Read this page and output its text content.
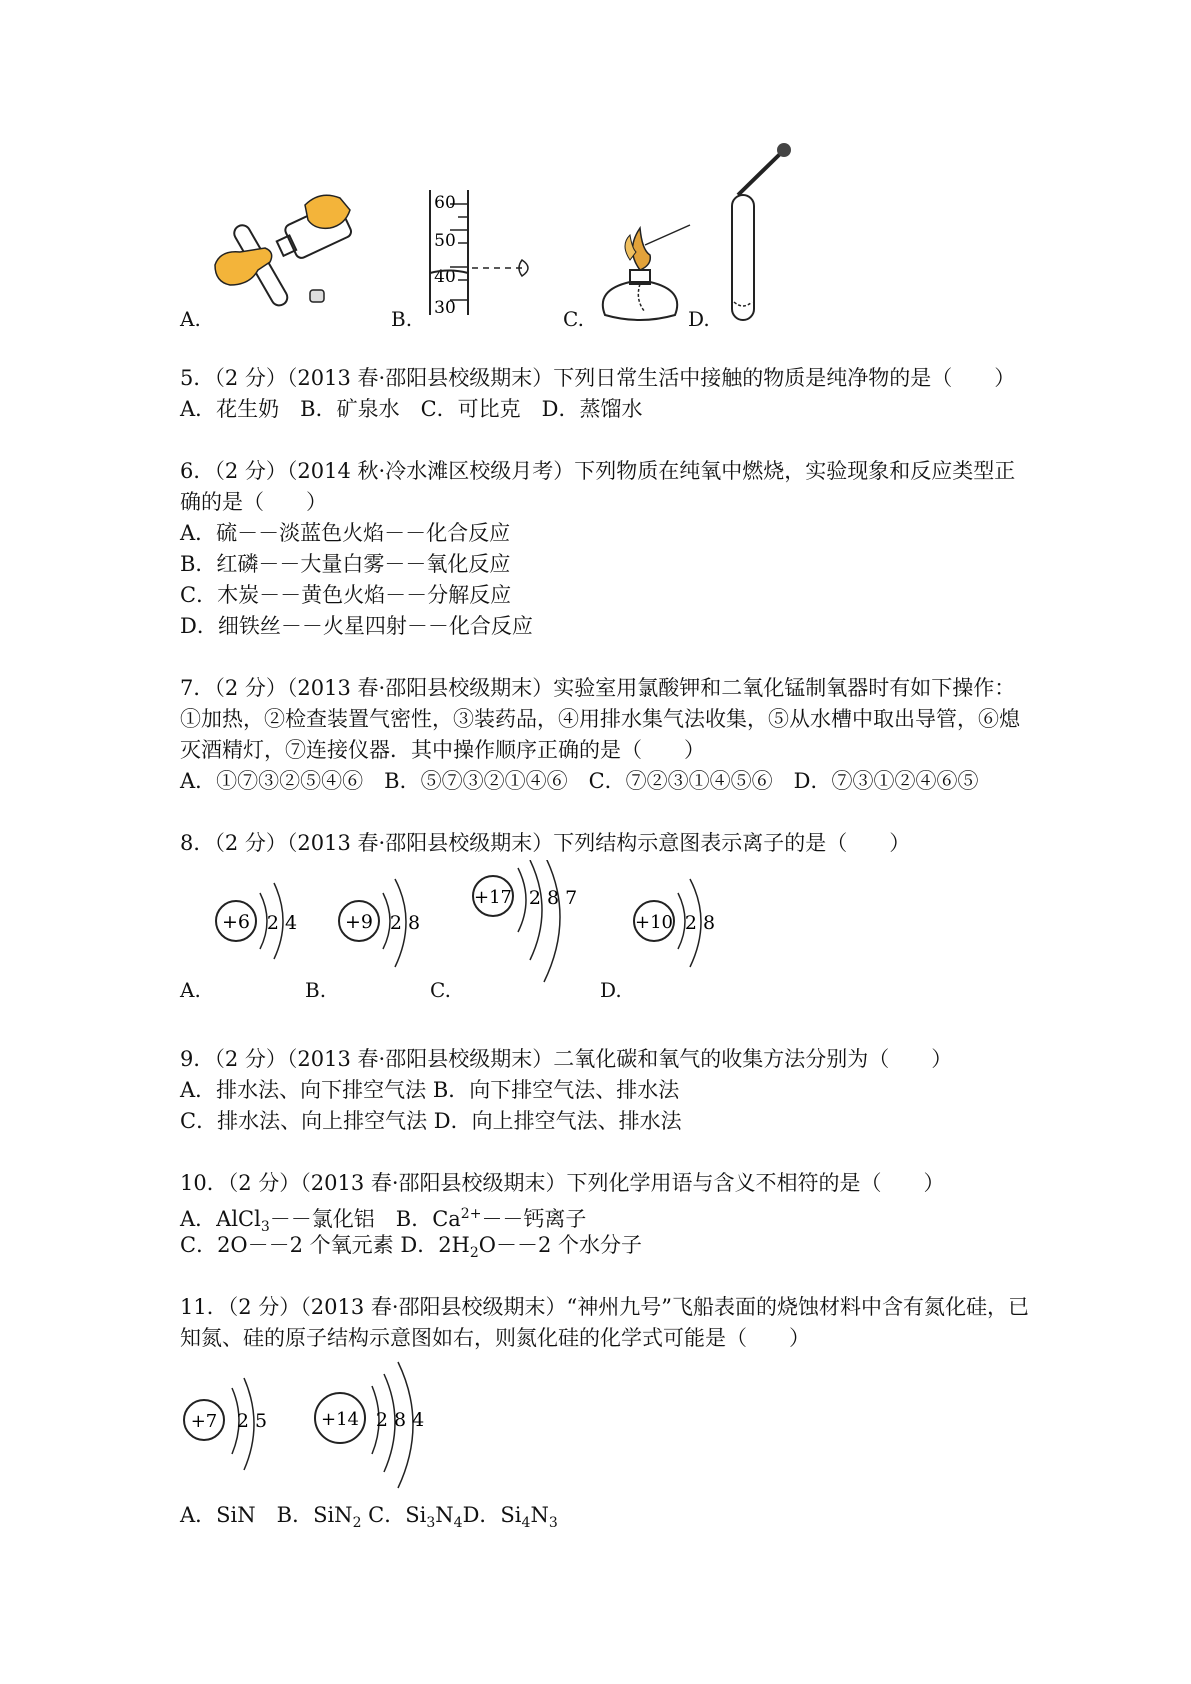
A.	B.
60
50
40
30	C.	D.
5．（2 分）（2013 春·邵阳县校级期末）下列日常生活中接触的物质是纯净物的是（　　）
A．花生奶　B．矿泉水　C．可比克　D．蒸馏水
6．（2 分）（2014 秋·冷水滩区校级月考）下列物质在纯氧中燃烧，实验现象和反应类型正
确的是（　　）
A．硫－－淡蓝色火焰－－化合反应
B．红磷－－大量白雾－－氧化反应
C．木炭－－黄色火焰－－分解反应
D．细铁丝－－火星四射－－化合反应
7．（2 分）（2013 春·邵阳县校级期末）实验室用氯酸钾和二氧化锰制氧器时有如下操作：
①加热，②检查装置气密性，③装药品，④用排水集气法收集，⑤从水槽中取出导管，⑥熄
灭酒精灯，⑦连接仪器．其中操作顺序正确的是（　　）
A．①⑦③②⑤④⑥　B．⑤⑦③②①④⑥　C．⑦②③①④⑤⑥　D．⑦③①②④⑥⑤
8．（2 分）（2013 春·邵阳县校级期末）下列结构示意图表示离子的是（　　）
+6 2 4
A.
+9 2 8
B.
+17 2 8 7
C.
+10 2 8
D.
9．（2 分）（2013 春·邵阳县校级期末）二氧化碳和氧气的收集方法分别为（　　）
A．排水法、向下排空气法 B．向下排空气法、排水法
C．排水法、向上排空气法 D．向上排空气法、排水法
10．（2 分）（2013 春·邵阳县校级期末）下列化学用语与含义不相符的是（　　）
A．AlCl$_3$－－氯化铝　B．$Ca^{2+}--$钙离子
C．2O－－2 个氧元素 D．$2H_2O--2$ 个水分子
11．（2 分）（2013 春·邵阳县校级期末）“神州九号”飞船表面的烧蚀材料中含有氮化硅，已
知氮、硅的原子结构示意图如右，则氮化硅的化学式可能是（　　）
+7 2 5	+14 2 8 4
A．SiN　B．SiN$_2$ C．$Si_3N_4D$．$Si_4N_3$
